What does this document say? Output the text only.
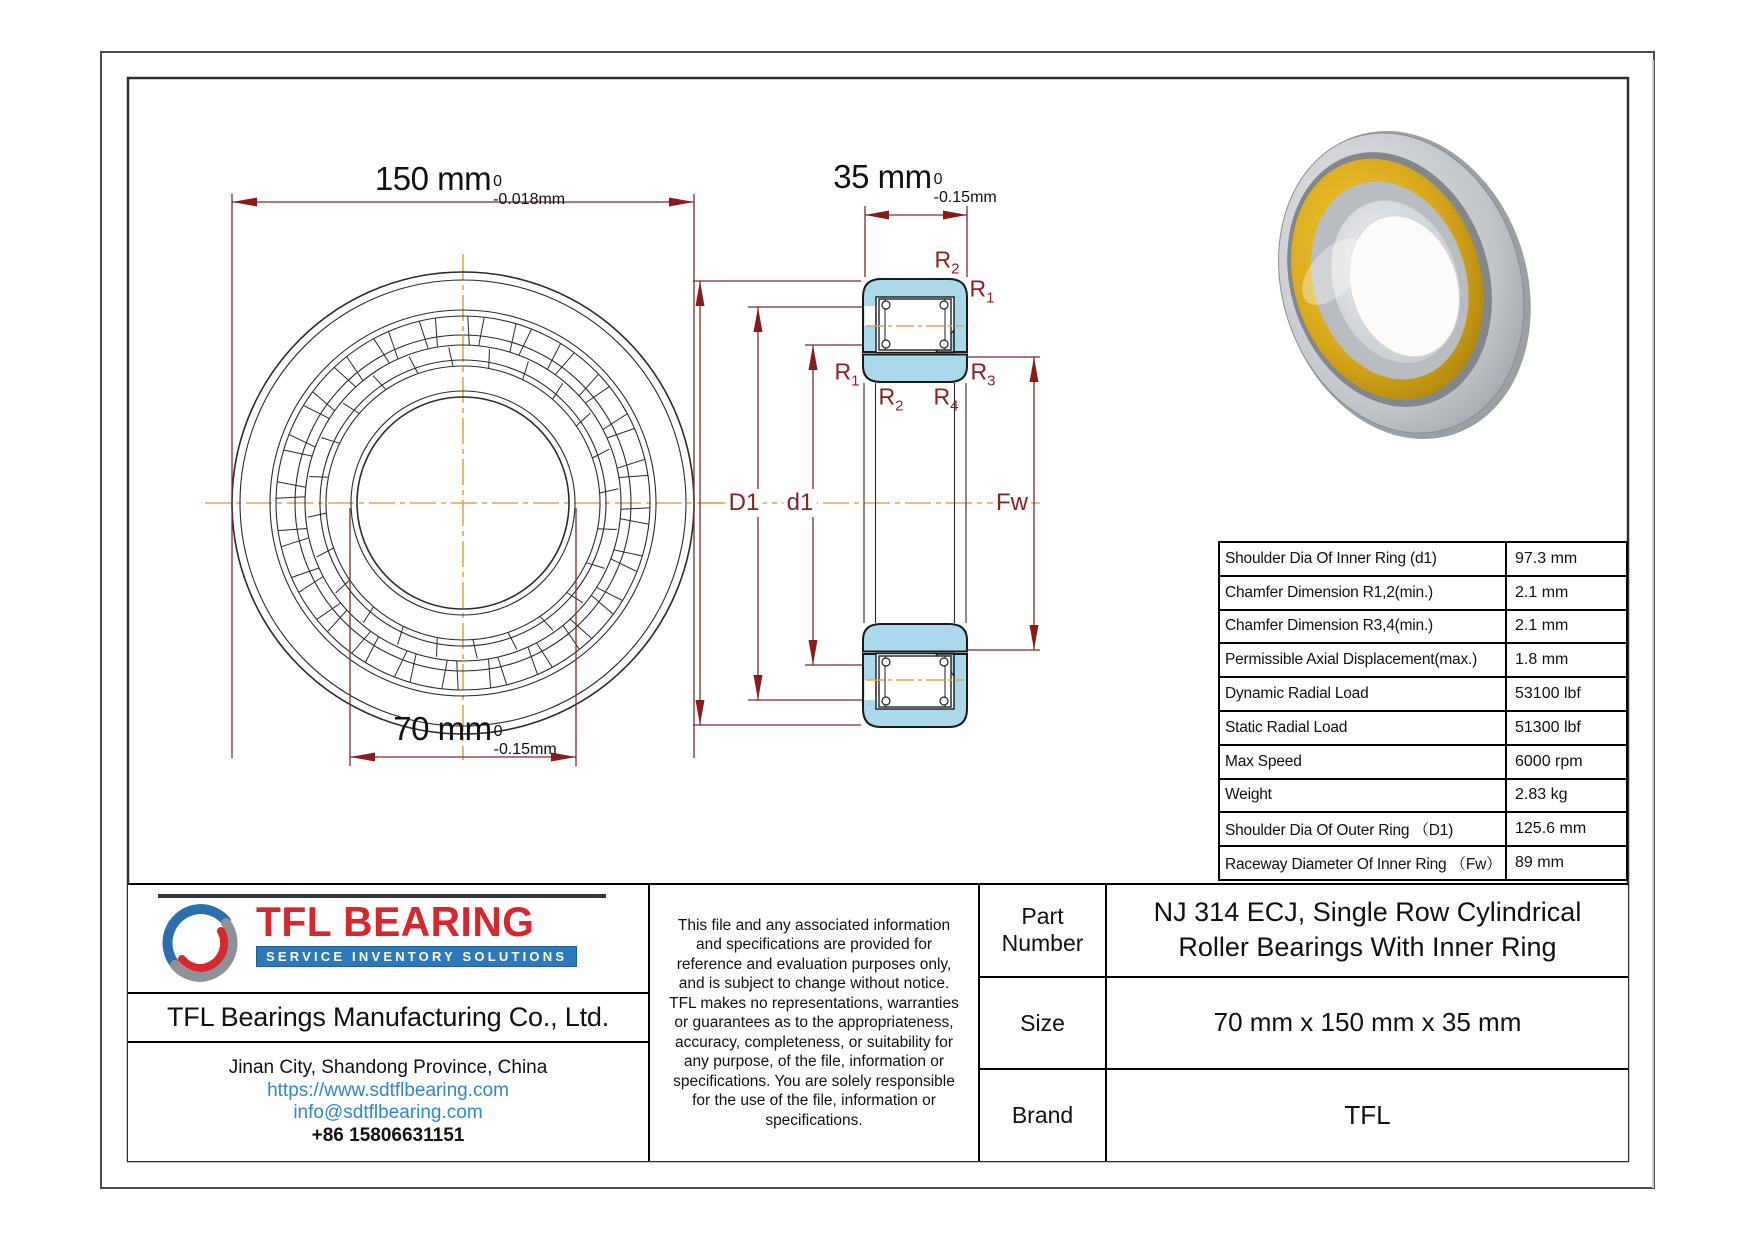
150 mm 0
-0.018mm
70 mm 0
-0.15mm
35 mm 0
-0.15mm
$R_2$
$R_1$
$R_1$
$R_2$ $R_4$
$R_3$
D1 d1	Fw
Shoulder Dia Of Inner Ring (d1)	97.3 mm
Chamfer Dimension R1,2(min.)	2.1 mm
Chamfer Dimension R3,4(min.)	2.1 mm
Permissible Axial Displacement(max.)	1.8 mm
Dynamic Radial Load	53100 lbf
Static Radial Load	51300 lbf
Max Speed	6000 rpm
Weight	2.83 kg
Shoulder Dia Of Outer Ring （D1)	125.6 mm
Raceway Diameter Of Inner Ring （Fw） 89 mm
TFL BEARING
SERVICE INVENTORY SOLUTIONS
TFL Bearings Manufacturing Co., Ltd.
Jinan City, Shandong Province, China
https://www.sdtflbearing.com
info@sdtflbearing.com
+86 15806631151
This file and any associated information and specifications are provided for reference and evaluation purposes only, and is subject to change without notice. TFL makes no representations, warranties or guarantees as to the appropriateness, accuracy, completeness, or suitability for any purpose, of the file, information or specifications. You are solely responsible for the use of the file, information or specifications.
Part Number
NJ 314 ECJ, Single Row Cylindrical Roller Bearings With Inner Ring
Size	70 mm x 150 mm x 35 mm
Brand	TFL
